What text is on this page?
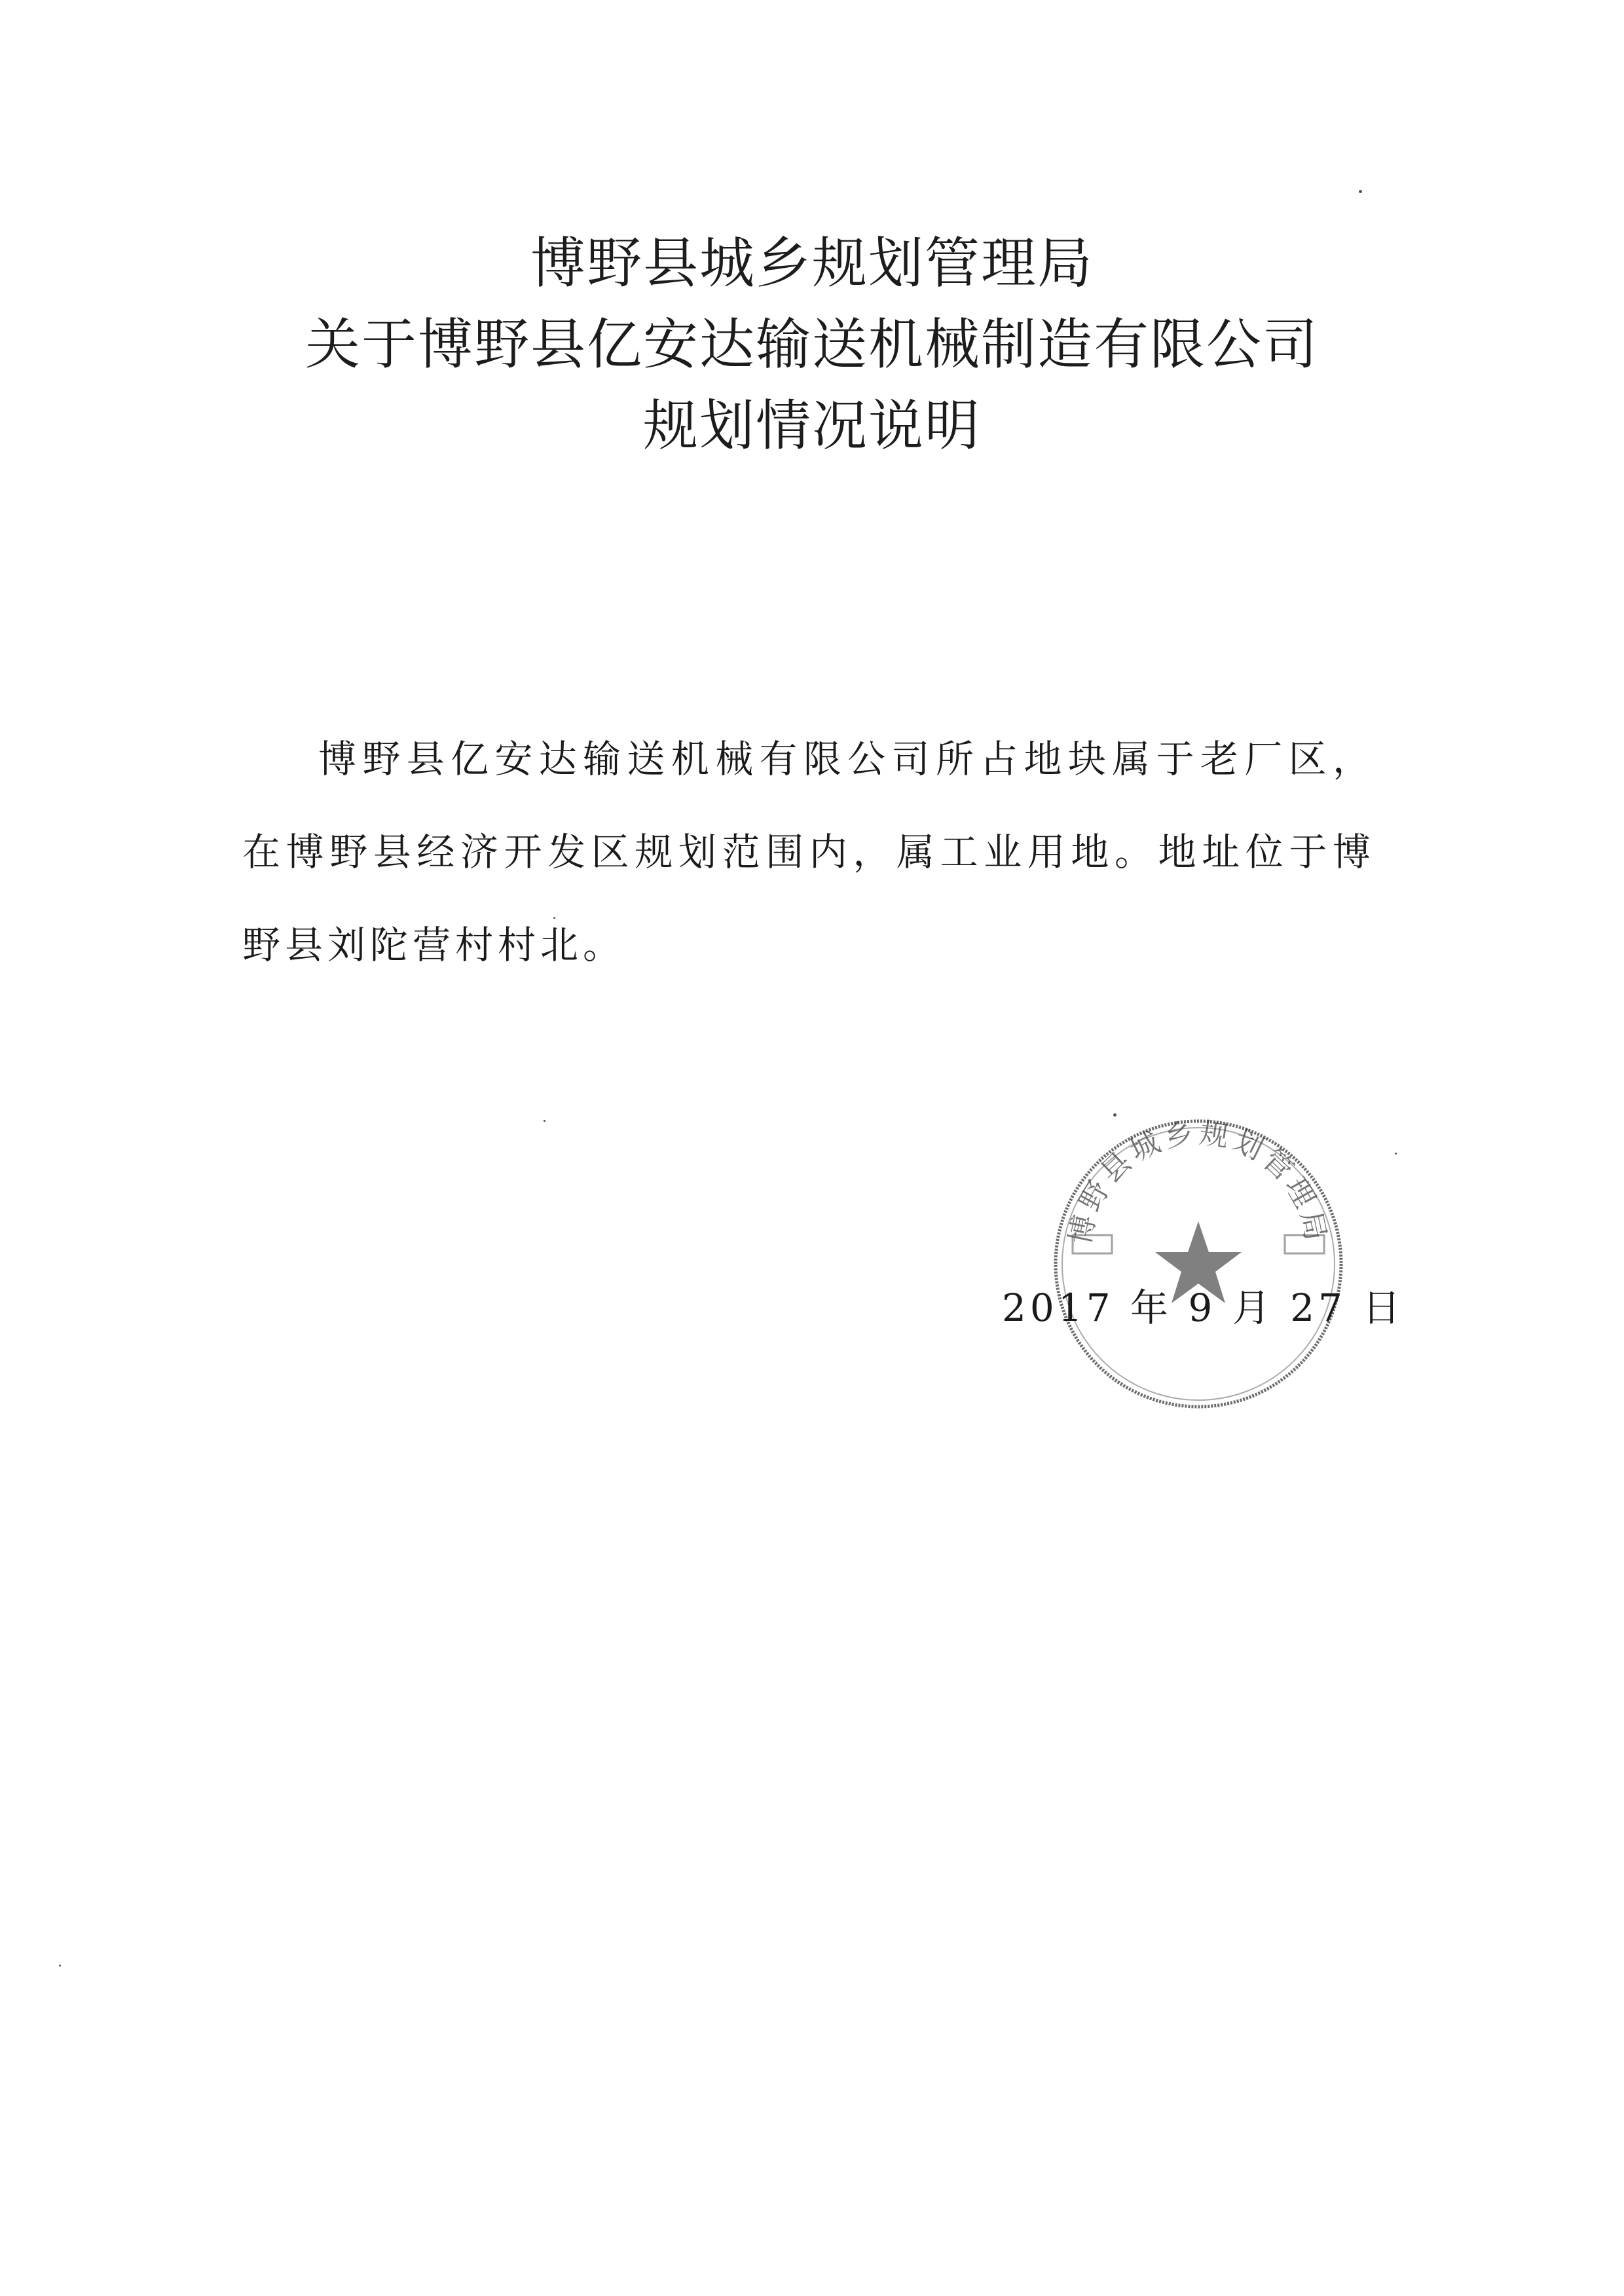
博野县城乡规划管理局
关于博野县亿安达输送机械制造有限公司
规划情况说明

博野县亿安达输送机械有限公司所占地块属于老厂区，在博野县经济开发区规划范围内，属工业用地。地址位于博野县刘陀营村村北。

博野县城乡规划管理局
2017 年 9 月 27 日
